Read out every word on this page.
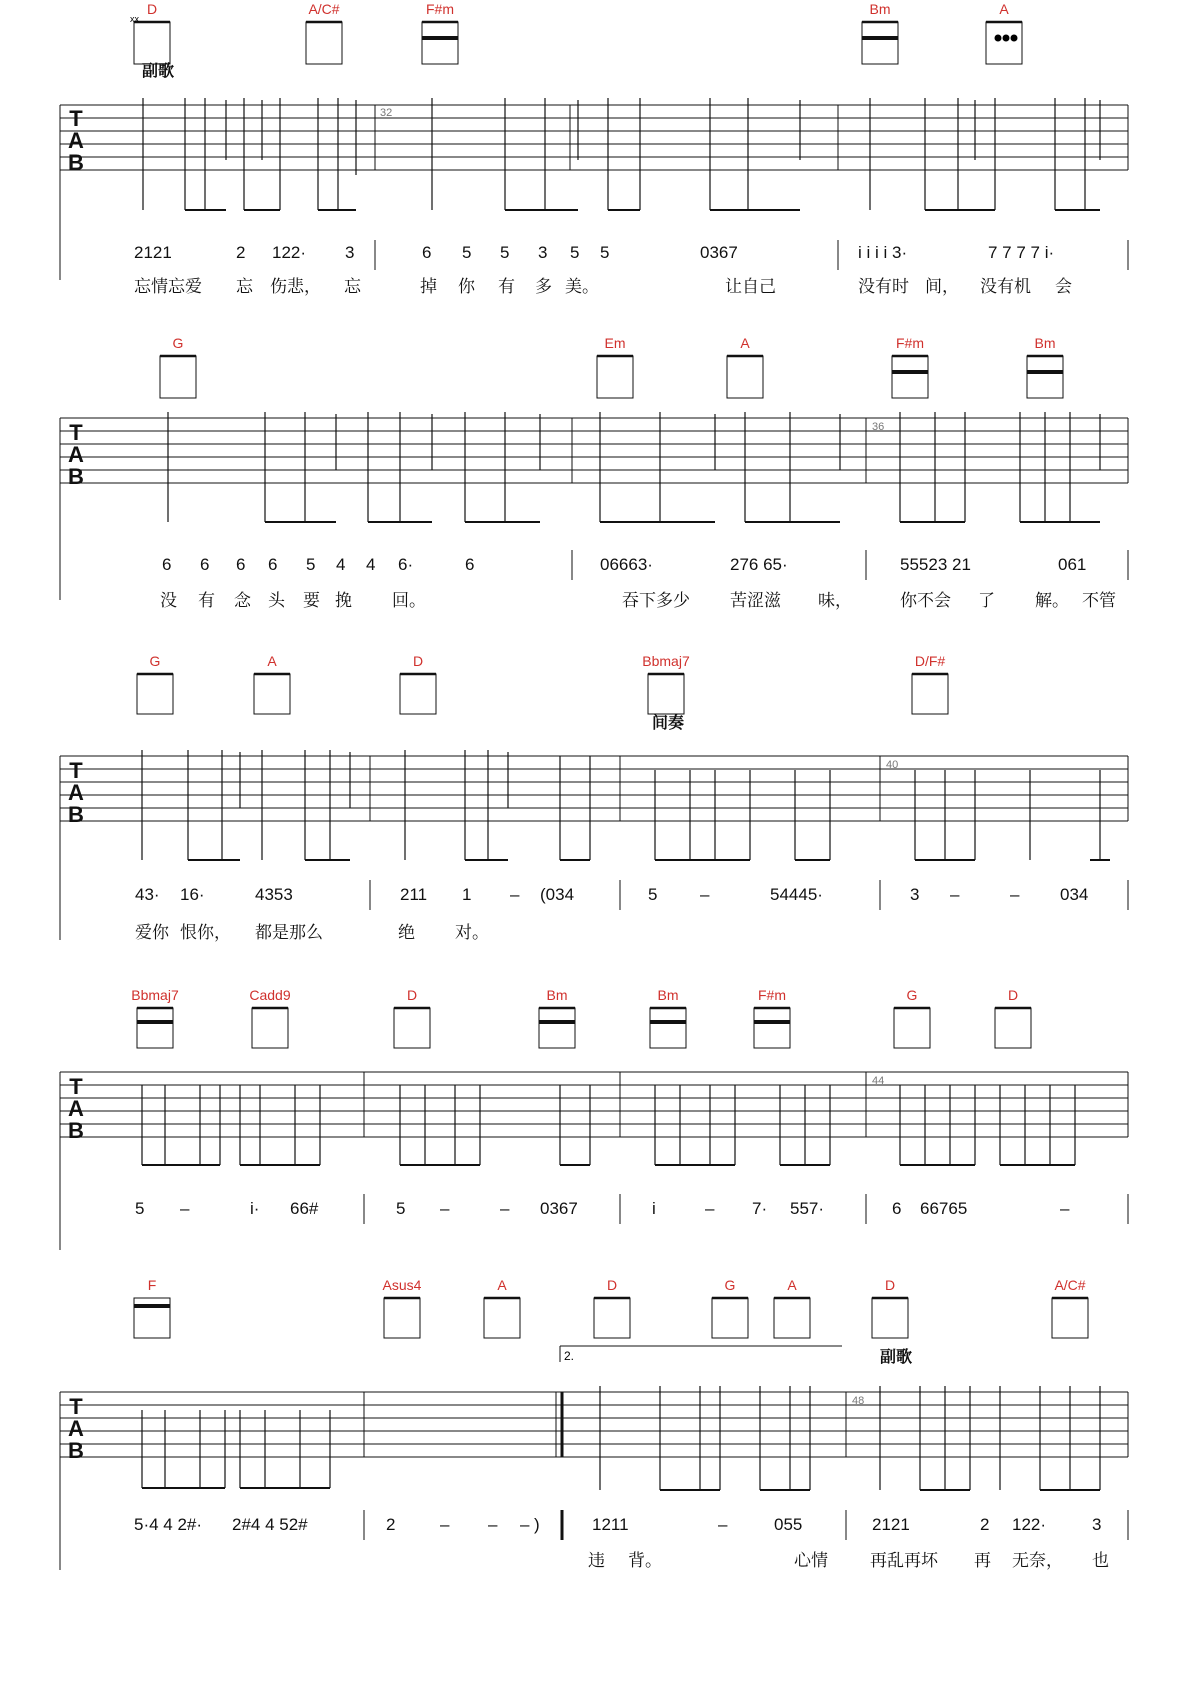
D
xx
A/C#	F#m	Bm	A
副歌
T
A
B
32
2121	2 122· 3	6 5 5 3 5 5	0367	i i i i 3·	7 7 7 7 i·
忘情忘爱 忘 伤悲， 忘	掉 你 有 多 美。	让自己	没有时 间， 没有机 会
G	Em	A	F#m	Bm
T
A
B
36
6 6 6 6 5 4 4 6·	6	06663·	276 65·	55523 21	061
没 有 念 头 要 挽 回。	吞下多少 苦涩滋 味，	你不会 了 解。 不管
G	A	D	Bbmaj7	D/F#
间奏
T
A
B
40
43· 16·	4353	211 1	(034	5	54445·	3	034
–	–	–	–
爱你 恨你， 都是那么	绝 对。
Bbmaj7	Cadd9	D	Bm	Bm	F#m	G	D
T
A
B
44
5 –	i· 66#	5 –	– 0367	i	– 7· 557·	6 66765	–
F	Asus4	A	D	G	A	D	A/C#
2.	副歌
T
A
B
48
5·4 4 2#· 2#4 4 52#	2	– – – )	1211	–	055	2121	2 122·	3
违 背。	心情 再乱再坏 再 无奈， 也
